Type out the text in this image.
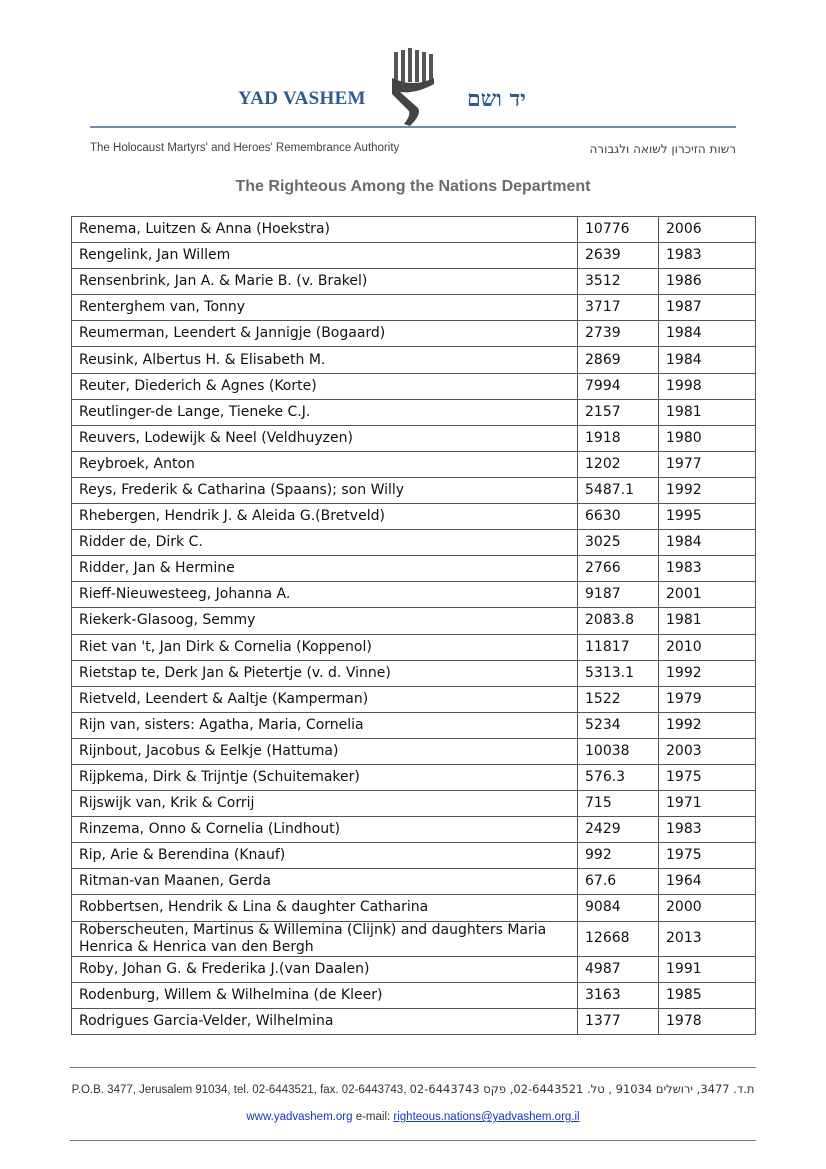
YAD VASHEM	יד ושם
The Holocaust Martyrs' and Heroes' Remembrance Authority	רשות הזיכרון לשואה ולגבורה
The Righteous Among the Nations Department
Renema, Luitzen & Anna (Hoekstra)	10776	2006
Rengelink, Jan Willem	2639	1983
Rensenbrink, Jan A. & Marie B. (v. Brakel)	3512	1986
Renterghem van, Tonny	3717	1987
Reumerman, Leendert & Jannigje (Bogaard)	2739	1984
Reusink, Albertus H. & Elisabeth M.	2869	1984
Reuter, Diederich & Agnes (Korte)	7994	1998
Reutlinger-de Lange, Tieneke C.J.	2157	1981
Reuvers, Lodewijk & Neel (Veldhuyzen)	1918	1980
Reybroek, Anton	1202	1977
Reys, Frederik & Catharina (Spaans); son Willy	5487.1	1992
Rhebergen, Hendrik J. & Aleida G.(Bretveld)	6630	1995
Ridder de, Dirk C.	3025	1984
Ridder, Jan & Hermine	2766	1983
Rieff-Nieuwesteeg, Johanna A.	9187	2001
Riekerk-Glasoog, Semmy	2083.8	1981
Riet van 't, Jan Dirk & Cornelia (Koppenol)	11817	2010
Rietstap te, Derk Jan & Pietertje (v. d. Vinne)	5313.1	1992
Rietveld, Leendert & Aaltje (Kamperman)	1522	1979
Rijn van, sisters: Agatha, Maria, Cornelia	5234	1992
Rijnbout, Jacobus & Eelkje (Hattuma)	10038	2003
Rijpkema, Dirk & Trijntje (Schuitemaker)	576.3	1975
Rijswijk van, Krik & Corrij	715	1971
Rinzema, Onno & Cornelia (Lindhout)	2429	1983
Rip, Arie & Berendina (Knauf)	992	1975
Ritman-van Maanen, Gerda	67.6	1964
Robbertsen, Hendrik & Lina & daughter Catharina	9084	2000
Roberscheuten, Martinus & Willemina (Clijnk) and daughters Maria Henrica & Henrica van den Bergh	12668	2013
Roby, Johan G. & Frederika J.(van Daalen)	4987	1991
Rodenburg, Willem & Wilhelmina (de Kleer)	3163	1985
Rodrigues Garcia-Velder, Wilhelmina	1377	1978
P.O.B. 3477, Jerusalem 91034, tel. 02-6443521, fax. 02-6443743, ת.ד. 3477, ירושלים 91034 , טל. 02-6443521, פקס 02-6443743
www.yadvashem.org e-mail: righteous.nations@yadvashem.org.il
